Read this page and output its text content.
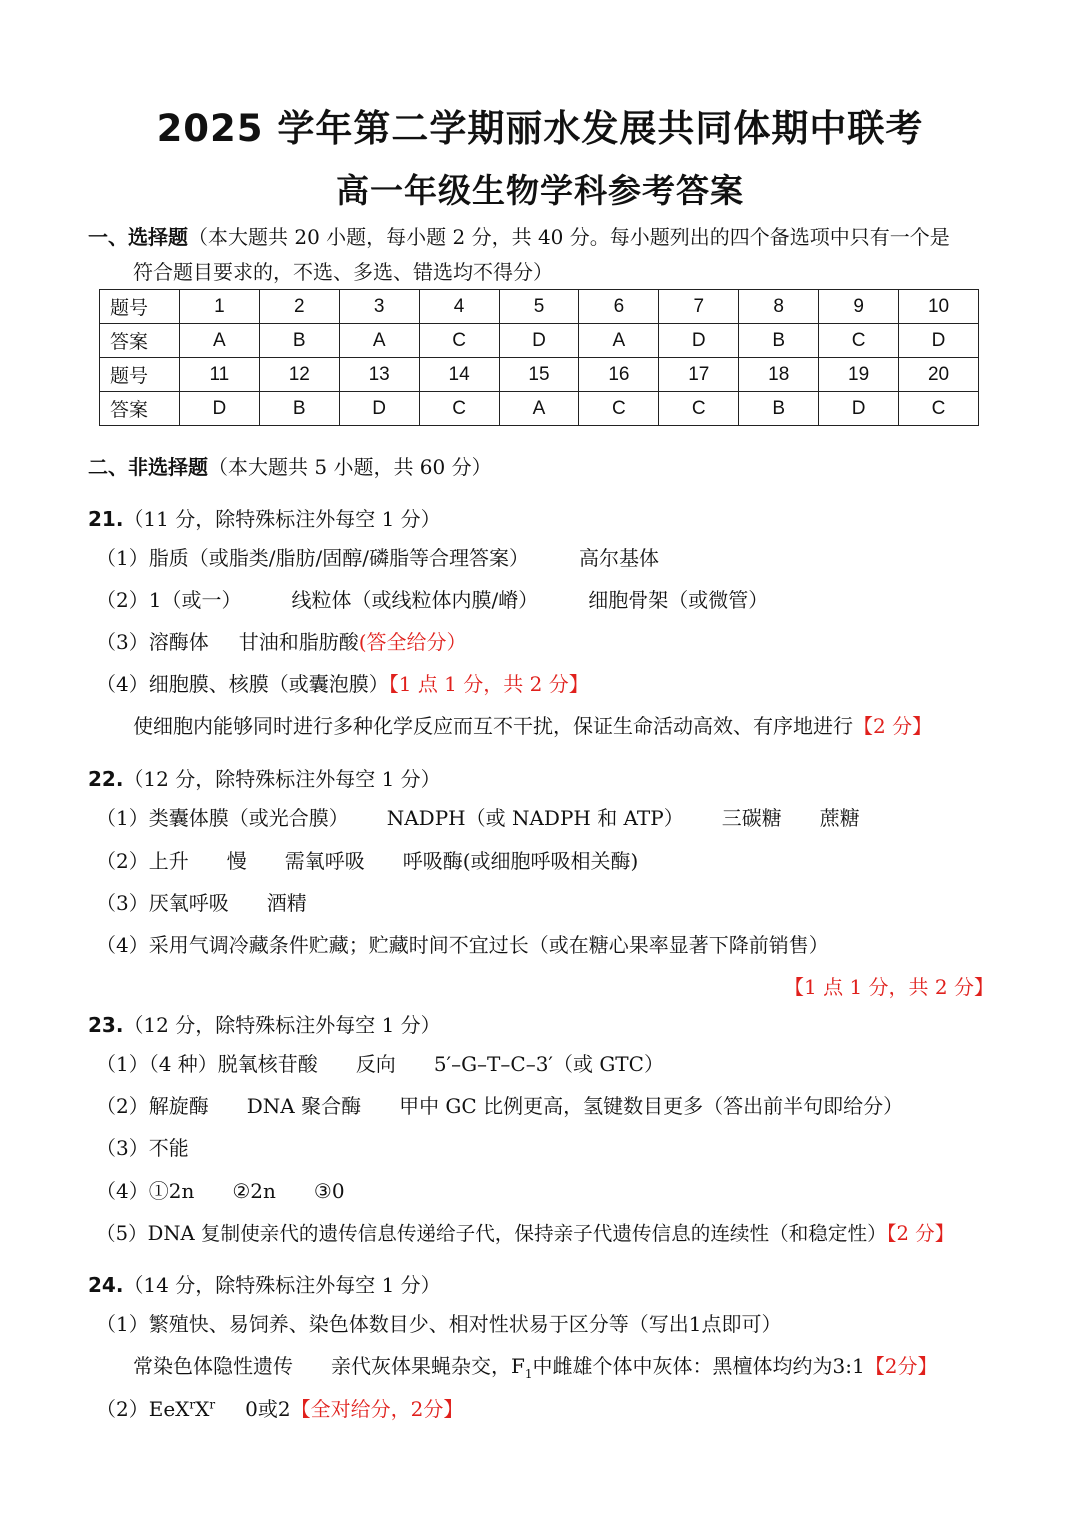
2025 学年第二学期丽水发展共同体期中联考
高一年级生物学科参考答案
一、选择题（本大题共 20 小题，每小题 2 分，共 40 分。每小题列出的四个备选项中只有一个是
符合题目要求的，不选、多选、错选均不得分）
题号	1	2	3	4	5	6	7	8	9	10
答案	A	B	A	C	D	A	D	B	C	D
题号	11	12	13	14	15	16	17	18	19	20
答案	D	B	D	C	A	C	C	B	D	C
二、非选择题（本大题共 5 小题，共 60 分）
21.（11 分，除特殊标注外每空 1 分）
（1）脂质（或脂类/脂肪/固醇/磷脂等合理答案）	高尔基体
（2）1（或一）	线粒体（或线粒体内膜/嵴）	细胞骨架（或微管）
（3）溶酶体 甘油和脂肪酸(答全给分）
（4）细胞膜、核膜（或囊泡膜）【1 点 1 分，共 2 分】
使细胞内能够同时进行多种化学反应而互不干扰，保证生命活动高效、有序地进行【2 分】
22.（12 分，除特殊标注外每空 1 分）
（1）类囊体膜（或光合膜） NADPH（或 NADPH 和 ATP） 三碳糖 蔗糖
（2）上升 慢 需氧呼吸 呼吸酶(或细胞呼吸相关酶)
（3）厌氧呼吸 酒精
（4）采用气调冷藏条件贮藏；贮藏时间不宜过长（或在糖心果率显著下降前销售）
【1 点 1 分，共 2 分】
23.（12 分，除特殊标注外每空 1 分）
（1）（4 种）脱氧核苷酸 反向 5′–G–T–C–3′（或 GTC）
（2）解旋酶 DNA 聚合酶 甲中 GC 比例更高，氢键数目更多（答出前半句即给分）
（3）不能
（4）①2n ②2n ③0
（5）DNA 复制使亲代的遗传信息传递给子代，保持亲子代遗传信息的连续性（和稳定性）【2 分】
24.（14 分，除特殊标注外每空 1 分）
（1）繁殖快、易饲养、染色体数目少、相对性状易于区分等（写出1点即可）
常染色体隐性遗传 亲代灰体果蝇杂交，$F_1$中雌雄个体中灰体：黑檀体均约为3:1【2分】
$(2)EeX^rX^r$ 0或2【全对给分，2分】
